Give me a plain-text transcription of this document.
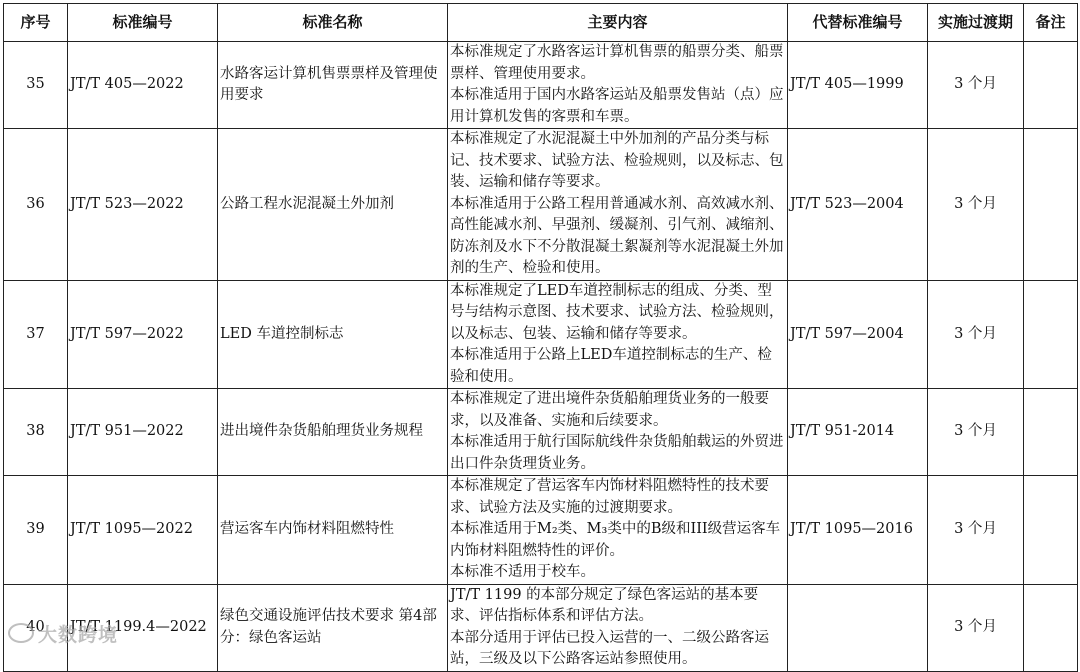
序号	标准编号	标准名称	主要内容	代替标准编号	实施过渡期	备注
35	JT/T 405—2022	水路客运计算机售票票样及管理使用要求	本标准规定了水路客运计算机售票的船票分类、船票票样、管理使用要求。
本标准适用于国内水路客运站及船票发售站（点）应用计算机发售的客票和车票。	JT/T 405—1999	3 个月	
36	JT/T 523—2022	公路工程水泥混凝土外加剂	本标准规定了水泥混凝土中外加剂的产品分类与标记、技术要求、试验方法、检验规则，以及标志、包装、运输和储存等要求。
本标准适用于公路工程用普通减水剂、高效减水剂、高性能减水剂、早强剂、缓凝剂、引气剂、减缩剂、防冻剂及水下不分散混凝土絮凝剂等水泥混凝土外加剂的生产、检验和使用。	JT/T 523—2004	3 个月	
37	JT/T 597—2022	LED 车道控制标志	本标准规定了LED车道控制标志的组成、分类、型号与结构示意图、技术要求、试验方法、检验规则，以及标志、包装、运输和储存等要求。
本标准适用于公路上LED车道控制标志的生产、检验和使用。	JT/T 597—2004	3 个月	
38	JT/T 951—2022	进出境件杂货船舶理货业务规程	本标准规定了进出境件杂货船舶理货业务的一般要求，以及准备、实施和后续要求。
本标准适用于航行国际航线件杂货船舶载运的外贸进出口件杂货理货业务。	JT/T 951-2014	3 个月	
39	JT/T 1095—2022	营运客车内饰材料阻燃特性	本标准规定了营运客车内饰材料阻燃特性的技术要求、试验方法及实施的过渡期要求。
本标准适用于M₂类、M₃类中的B级和III级营运客车内饰材料阻燃特性的评价。
本标准不适用于校车。	JT/T 1095—2016	3 个月	
40	JT/T 1199.4—2022	绿色交通设施评估技术要求 第4部分：绿色客运站	JT/T 1199 的本部分规定了绿色客运站的基本要求、评估指标体系和评估方法。
本部分适用于评估已投入运营的一、二级公路客运站，三级及以下公路客运站参照使用。		3 个月	
大数跨境
